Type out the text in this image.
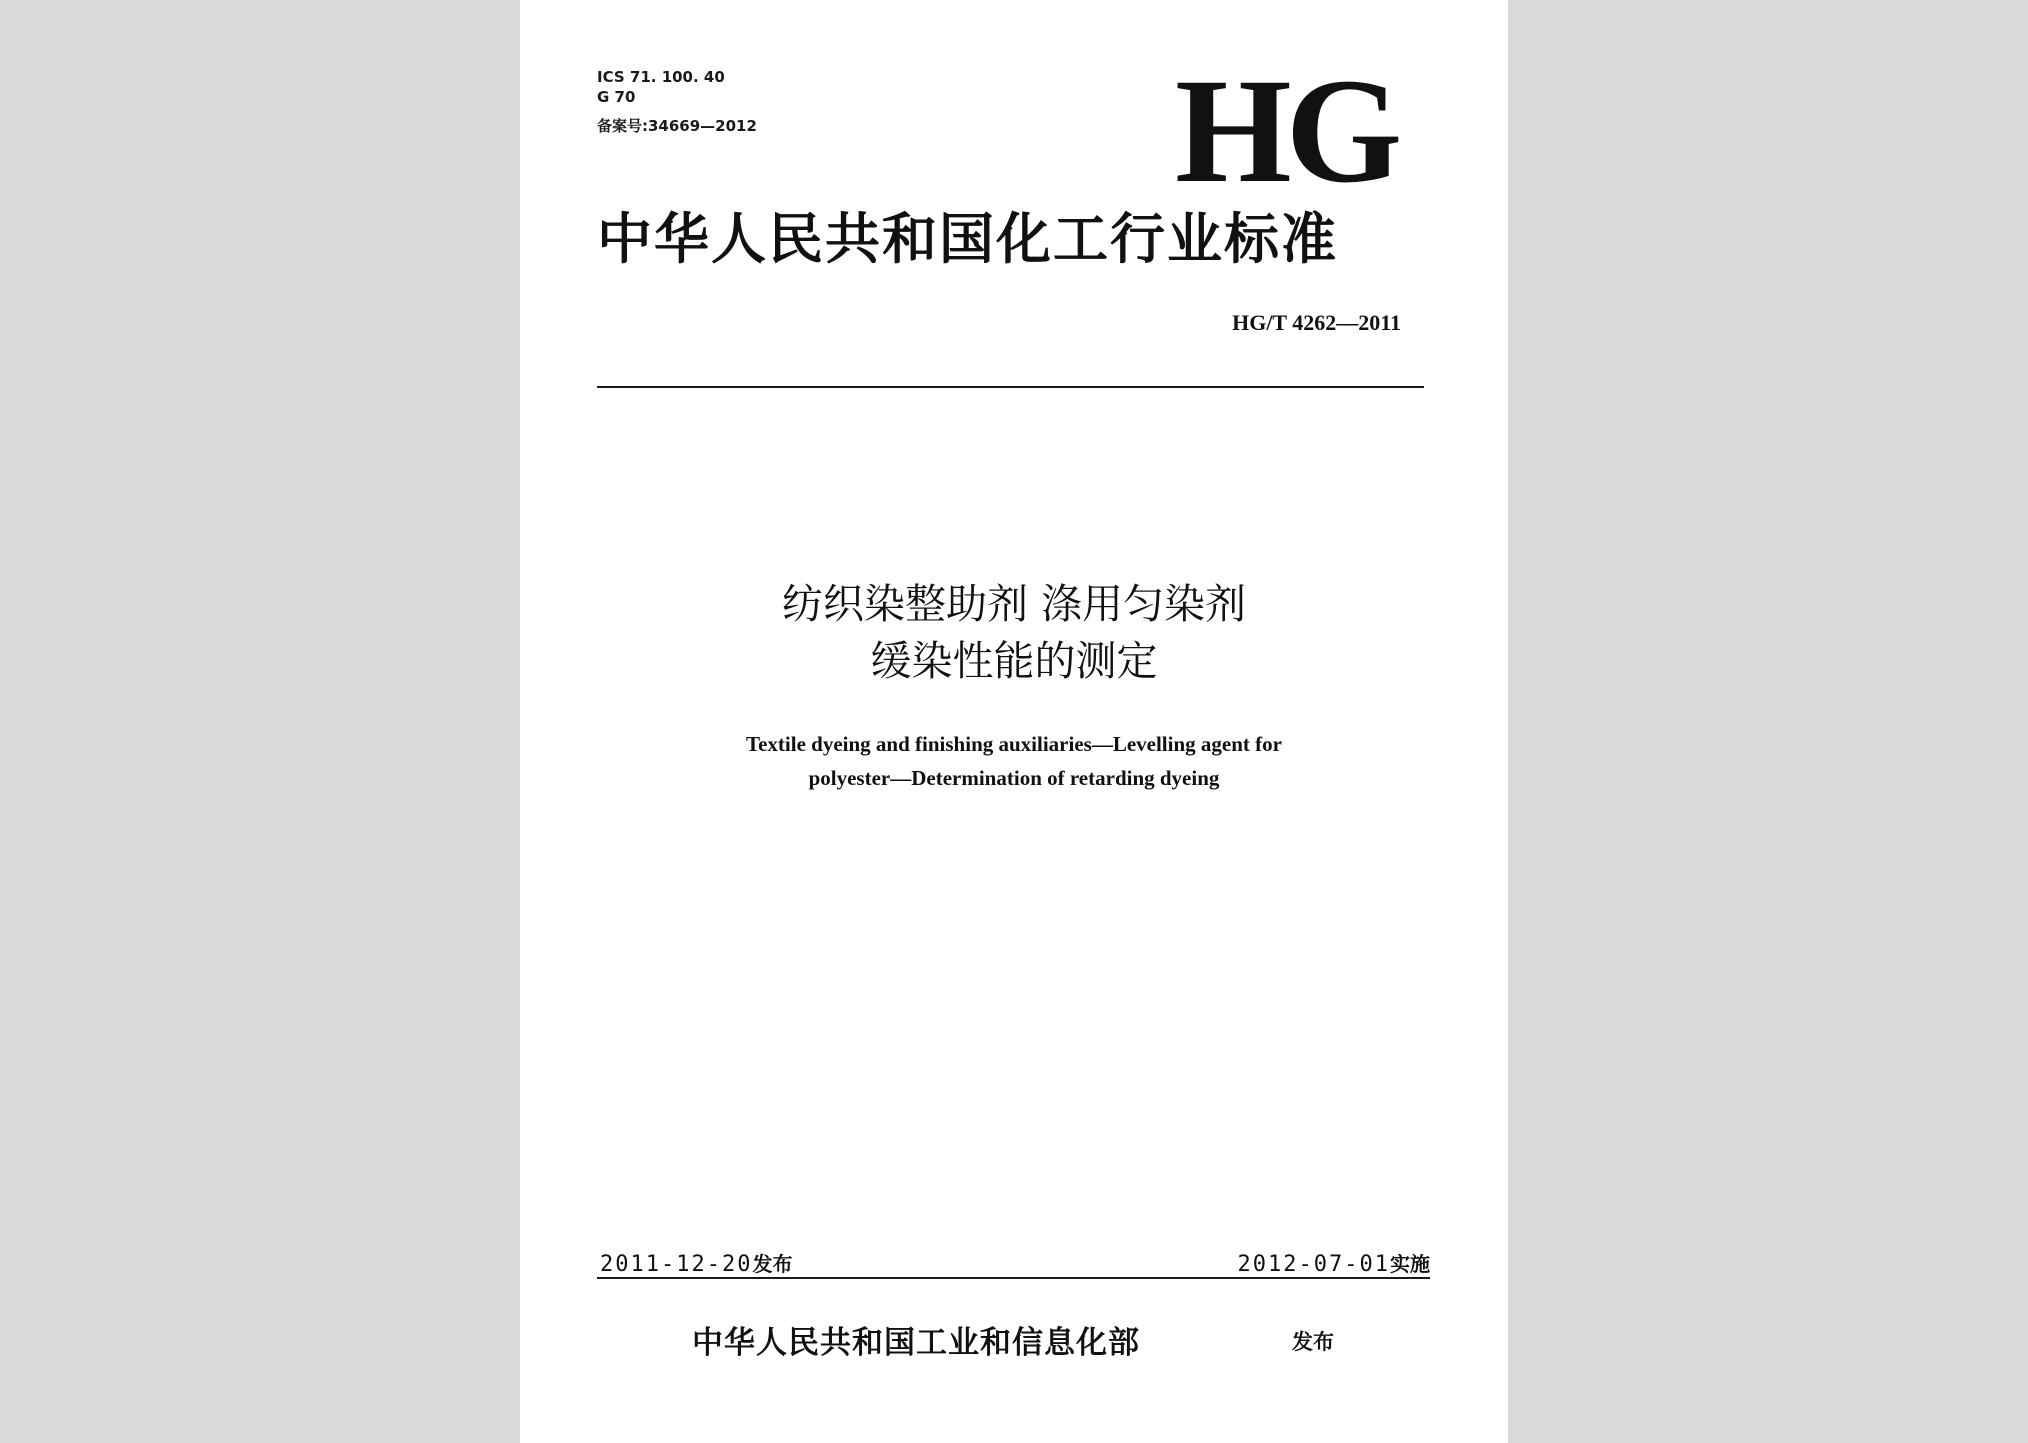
ICS 71. 100. 40
G 70
备案号:34669—2012	HG
中华人民共和国化工行业标准
HG/T 4262—2011
纺织染整助剂 涤用匀染剂
缓染性能的测定
Textile dyeing and finishing auxiliaries—Levelling agent for
polyester—Determination of retarding dyeing
2011-12-20发布	2012-07-01实施
中华人民共和国工业和信息化部	发布
